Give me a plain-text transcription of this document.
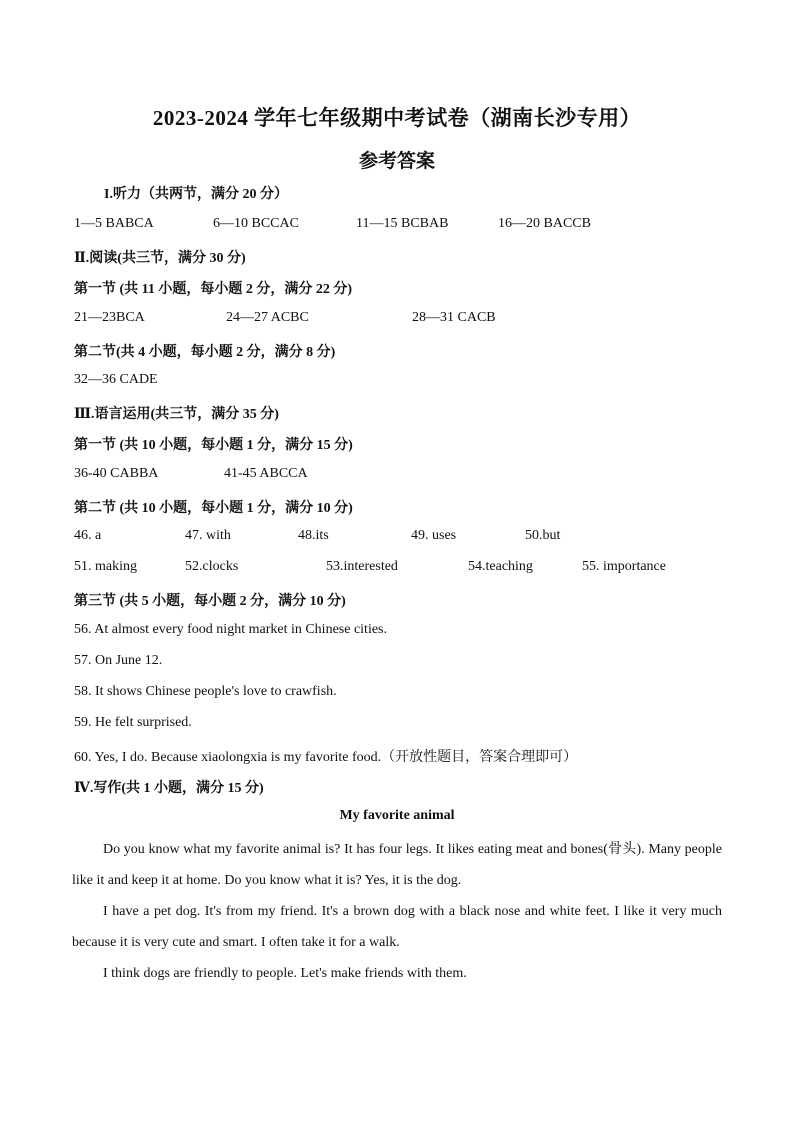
2023-2024 学年七年级期中考试卷（湖南长沙专用）
参考答案
I.听力（共两节，满分 20 分）
1—5 BABCA	6—10 BCCAC	11—15 BCBAB	16—20 BACCB
Ⅱ.阅读(共三节，满分 30 分)
第一节 (共 11 小题，每小题 2 分，满分 22 分)
21—23BCA	24—27 ACBC	28—31 CACB
第二节(共 4 小题，每小题 2 分，满分 8 分)
32—36 CADE
Ⅲ.语言运用(共三节，满分 35 分)
第一节 (共 10 小题，每小题 1 分，满分 15 分)
36-40 CABBA	41-45 ABCCA
第二节 (共 10 小题，每小题 1 分，满分 10 分)
46. a	47. with	48.its	49. uses	50.but
51. making	52.clocks	53.interested	54.teaching	55. importance
第三节 (共 5 小题，每小题 2 分，满分 10 分)
56. At almost every food night market in Chinese cities.
57. On June 12.
58. It shows Chinese people's love to crawfish.
59. He felt surprised.
60. Yes, I do. Because xiaolongxia is my favorite food.（开放性题目，答案合理即可）
Ⅳ.写作(共 1 小题，满分 15 分)
My favorite animal
Do you know what my favorite animal is? It has four legs. It likes eating meat and bones(骨头). Many people like it and keep it at home. Do you know what it is? Yes, it is the dog.
I have a pet dog. It's from my friend. It's a brown dog with a black nose and white feet. I like it very much because it is very cute and smart. I often take it for a walk.
I think dogs are friendly to people. Let's make friends with them.
